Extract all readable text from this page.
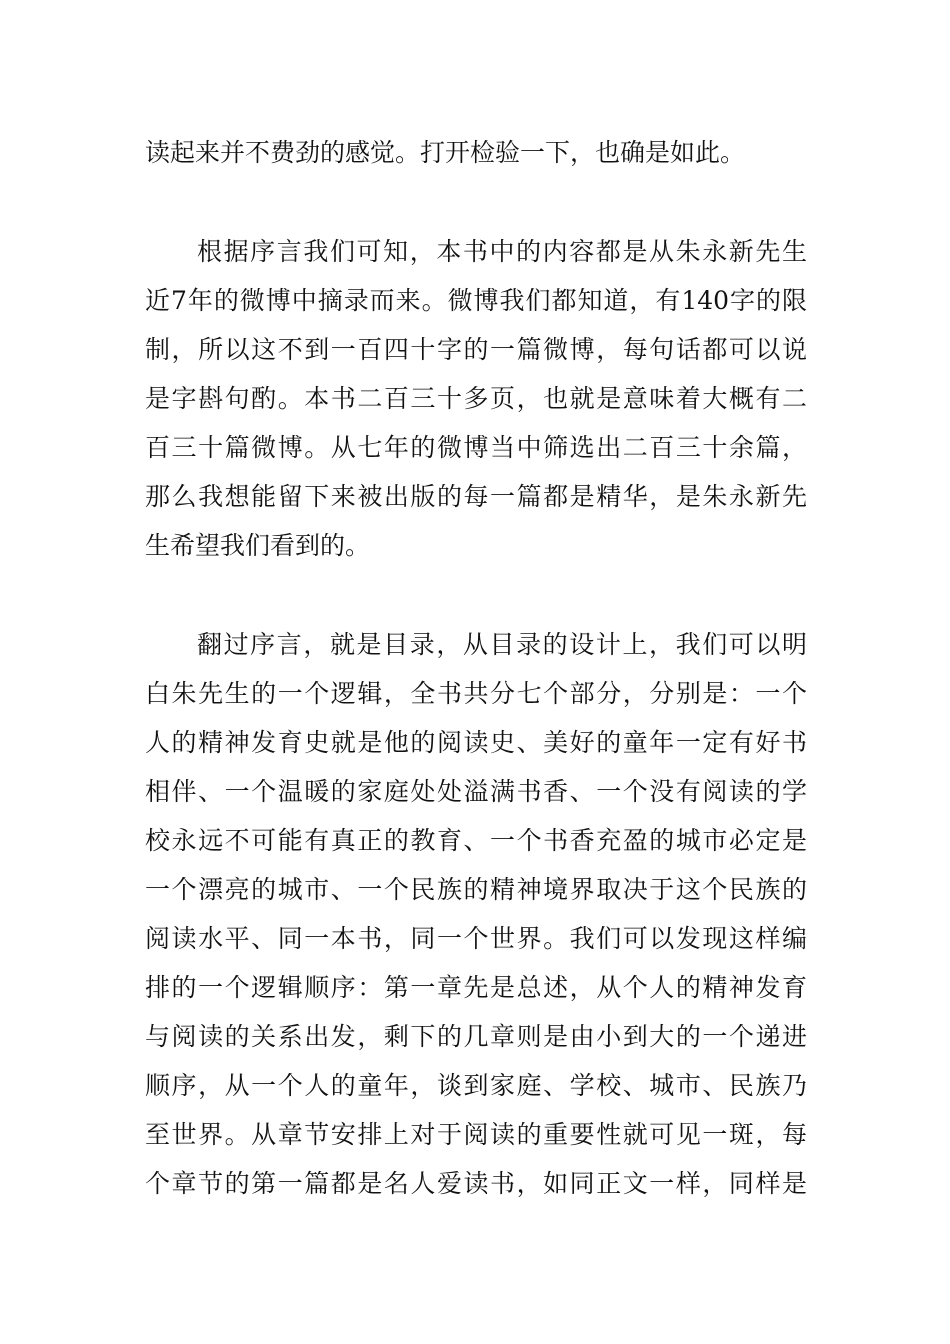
读起来并不费劲的感觉。打开检验一下，也确是如此。
根据序言我们可知，本书中的内容都是从朱永新先生
近7年的微博中摘录而来。微博我们都知道，有140字的限
制，所以这不到一百四十字的一篇微博，每句话都可以说
是字斟句酌。本书二百三十多页，也就是意味着大概有二
百三十篇微博。从七年的微博当中筛选出二百三十余篇，
那么我想能留下来被出版的每一篇都是精华，是朱永新先
生希望我们看到的。
翻过序言，就是目录，从目录的设计上，我们可以明
白朱先生的一个逻辑，全书共分七个部分，分别是：一个
人的精神发育史就是他的阅读史、美好的童年一定有好书
相伴、一个温暖的家庭处处溢满书香、一个没有阅读的学
校永远不可能有真正的教育、一个书香充盈的城市必定是
一个漂亮的城市、一个民族的精神境界取决于这个民族的
阅读水平、同一本书，同一个世界。我们可以发现这样编
排的一个逻辑顺序：第一章先是总述，从个人的精神发育
与阅读的关系出发，剩下的几章则是由小到大的一个递进
顺序，从一个人的童年，谈到家庭、学校、城市、民族乃
至世界。从章节安排上对于阅读的重要性就可见一斑，每
个章节的第一篇都是名人爱读书，如同正文一样，同样是
